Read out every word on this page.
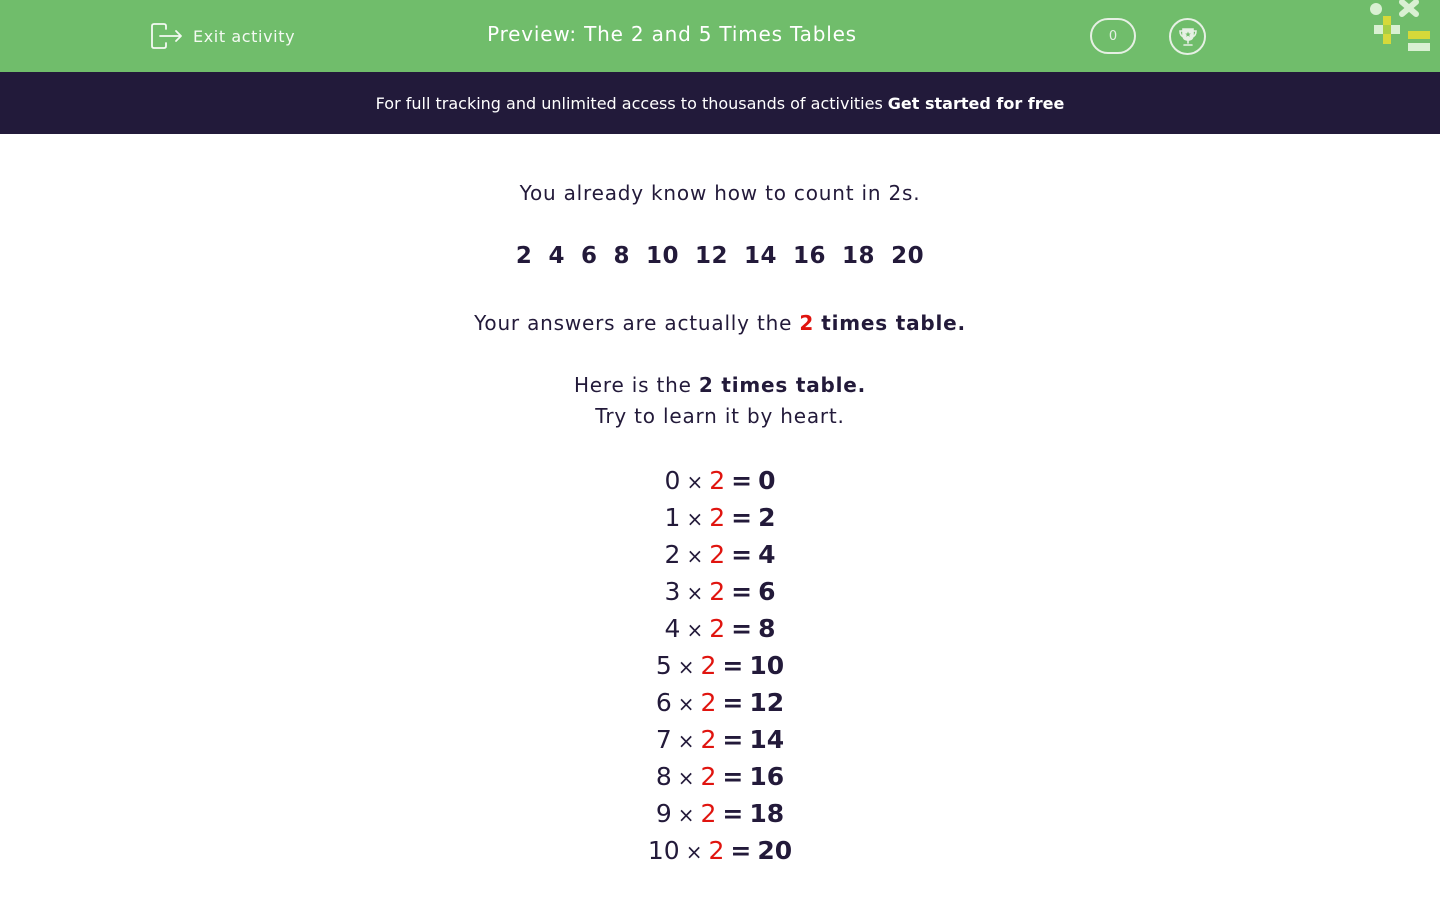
Exit activity	Preview: The 2 and 5 Times Tables	0
For full tracking and unlimited access to thousands of activities Get started for free
You already know how to count in 2s.
2 4 6 8 10 12 14 16 18 20
Your answers are actually the 2 times table.
Here is the 2 times table.
Try to learn it by heart.
0 × 2 = 0
1 × 2 = 2
2 × 2 = 4
3 × 2 = 6
4 × 2 = 8
5 × 2 = 10
6 × 2 = 12
7 × 2 = 14
8 × 2 = 16
9 × 2 = 18
10 × 2 = 20
